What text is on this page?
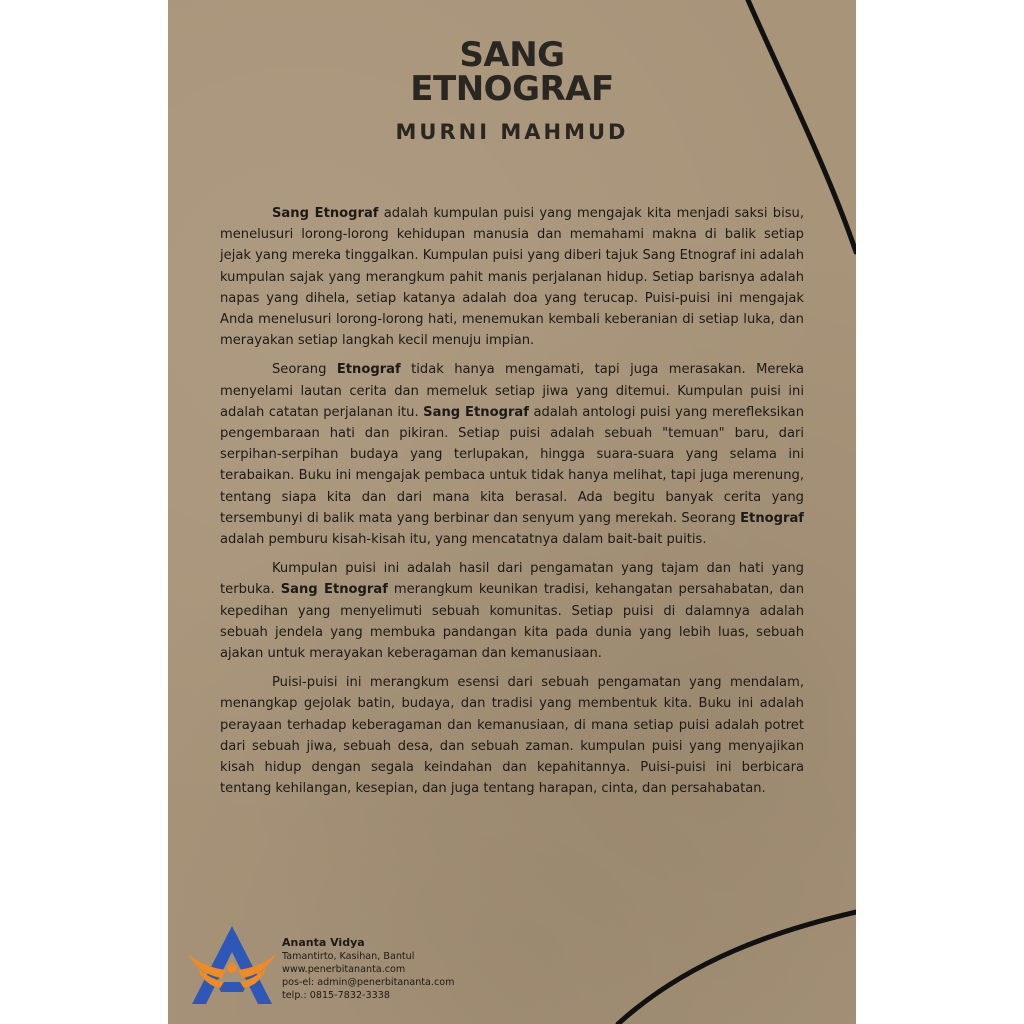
SANG
ETNOGRAF
MURNI MAHMUD

Sang Etnograf adalah kumpulan puisi yang mengajak kita menjadi saksi bisu, menelusuri lorong-lorong kehidupan manusia dan memahami makna di balik setiap jejak yang mereka tinggalkan. Kumpulan puisi yang diberi tajuk Sang Etnograf ini adalah kumpulan sajak yang merangkum pahit manis perjalanan hidup. Setiap barisnya adalah napas yang dihela, setiap katanya adalah doa yang terucap. Puisi-puisi ini mengajak Anda menelusuri lorong-lorong hati, menemukan kembali keberanian di setiap luka, dan merayakan setiap langkah kecil menuju impian.

Seorang Etnograf tidak hanya mengamati, tapi juga merasakan. Mereka menyelami lautan cerita dan memeluk setiap jiwa yang ditemui. Kumpulan puisi ini adalah catatan perjalanan itu. Sang Etnograf adalah antologi puisi yang merefleksikan pengembaraan hati dan pikiran. Setiap puisi adalah sebuah "temuan" baru, dari serpihan-serpihan budaya yang terlupakan, hingga suara-suara yang selama ini terabaikan. Buku ini mengajak pembaca untuk tidak hanya melihat, tapi juga merenung, tentang siapa kita dan dari mana kita berasal. Ada begitu banyak cerita yang tersembunyi di balik mata yang berbinar dan senyum yang merekah. Seorang Etnograf adalah pemburu kisah-kisah itu, yang mencatatnya dalam bait-bait puitis.

Kumpulan puisi ini adalah hasil dari pengamatan yang tajam dan hati yang terbuka. Sang Etnograf merangkum keunikan tradisi, kehangatan persahabatan, dan kepedihan yang menyelimuti sebuah komunitas. Setiap puisi di dalamnya adalah sebuah jendela yang membuka pandangan kita pada dunia yang lebih luas, sebuah ajakan untuk merayakan keberagaman dan kemanusiaan.

Puisi-puisi ini merangkum esensi dari sebuah pengamatan yang mendalam, menangkap gejolak batin, budaya, dan tradisi yang membentuk kita. Buku ini adalah perayaan terhadap keberagaman dan kemanusiaan, di mana setiap puisi adalah potret dari sebuah jiwa, sebuah desa, dan sebuah zaman. kumpulan puisi yang menyajikan kisah hidup dengan segala keindahan dan kepahitannya. Puisi-puisi ini berbicara tentang kehilangan, kesepian, dan juga tentang harapan, cinta, dan persahabatan.

Ananta Vidya
Tamantirto, Kasihan, Bantul
www.penerbitananta.com
pos-el: admin@penerbitananta.com
telp.: 0815-7832-3338
